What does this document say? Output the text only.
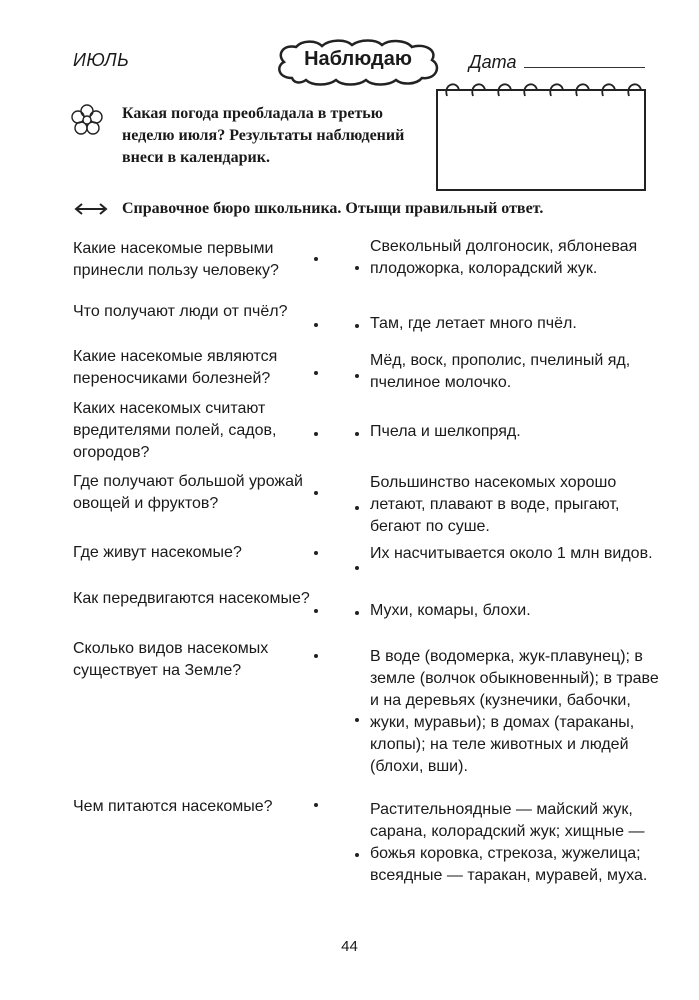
ИЮЛЬ	Наблюдаю	Дата
Какая погода преобладала в третью неделю июля? Результаты наблюдений внеси в календарик.
Справочное бюро школьника. Отыщи правильный ответ.
Какие насекомые первыми принесли пользу человеку?
Что получают люди от пчёл?
Какие насекомые являются переносчиками болезней?
Каких насекомых считают вредителями полей, садов, огородов?
Где получают большой урожай овощей и фруктов?
Где живут насекомые?
Как передвигаются насекомые?
Сколько видов насекомых существует на Земле?
Чем питаются насекомые?
Свекольный долгоносик, яблоневая плодожорка, колорадский жук.
Там, где летает много пчёл.
Мёд, воск, прополис, пчелиный яд, пчелиное молочко.
Пчела и шелкопряд.
Большинство насекомых хорошо летают, плавают в воде, прыгают, бегают по суше.
Их насчитывается около 1 млн видов.
Мухи, комары, блохи.
В воде (водомерка, жук-плавунец); в земле (волчок обыкновенный); в траве и на деревьях (кузнечики, бабочки, жуки, муравьи); в домах (тараканы, клопы); на теле животных и людей (блохи, вши).
Растительноядные — майский жук, саранa, колорадский жук; хищные — божья коровка, стрекоза, жужелица; всеядные — таракан, муравей, муха.
44
